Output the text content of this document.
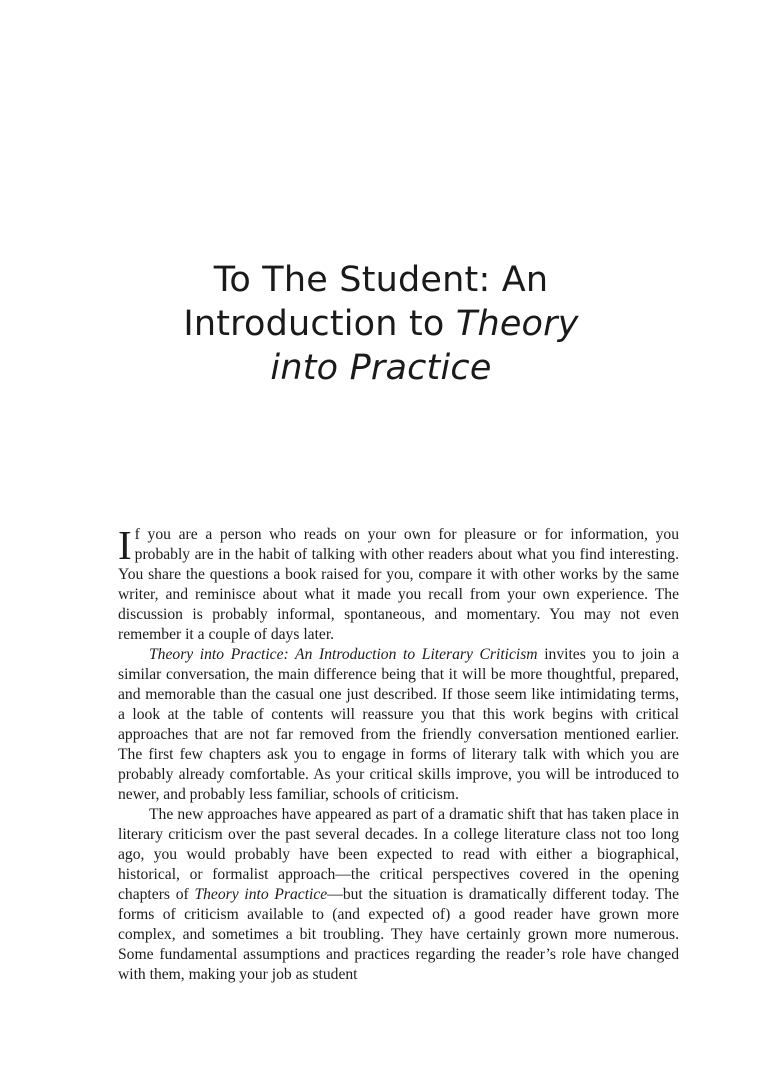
To The Student: An
Introduction to Theory
into Practice

If you are a person who reads on your own for pleasure or for information, you probably are in the habit of talking with other readers about what you find interesting. You share the questions a book raised for you, compare it with other works by the same writer, and reminisce about what it made you recall from your own experience. The discussion is probably informal, spontaneous, and momentary. You may not even remember it a couple of days later.

Theory into Practice: An Introduction to Literary Criticism invites you to join a similar conversation, the main difference being that it will be more thoughtful, prepared, and memorable than the casual one just described. If those seem like intimidating terms, a look at the table of contents will reassure you that this work begins with critical approaches that are not far removed from the friendly conversation mentioned earlier. The first few chapters ask you to engage in forms of literary talk with which you are probably already comfortable. As your critical skills improve, you will be introduced to newer, and probably less familiar, schools of criticism.

The new approaches have appeared as part of a dramatic shift that has taken place in literary criticism over the past several decades. In a college literature class not too long ago, you would probably have been expected to read with either a biographical, historical, or formalist approach—the critical perspectives covered in the opening chapters of Theory into Practice—but the situation is dramatically different today. The forms of criticism available to (and expected of) a good reader have grown more complex, and sometimes a bit troubling. They have certainly grown more numerous. Some fundamental assumptions and practices regarding the reader’s role have changed with them, making your job as student
